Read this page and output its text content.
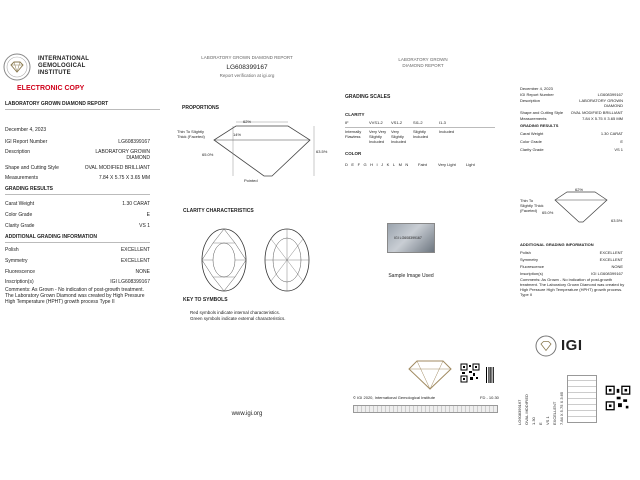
INTERNATIONAL
GEMOLOGICAL
INSTITUTE
ELECTRONIC COPY
LABORATORY GROWN DIAMOND REPORT
December 4, 2023
IGI Report Number	LG608399167
Description	LABORATORY GROWN DIAMOND
Shape and Cutting Style	OVAL MODIFIED BRILLIANT
Measurements	7.84 X 5.75 X 3.65 MM
GRADING RESULTS
Carat Weight	1.30 CARAT
Color Grade	E
Clarity Grade	VS 1
ADDITIONAL GRADING INFORMATION
Polish	EXCELLENT
Symmetry	EXCELLENT
Fluorescence	NONE
Inscription(s)	IGI LG608399167
Comments: As Grown - No indication of post-growth treatment. The Laboratory Grown Diamond was created by High Pressure High Temperature (HPHT) growth process Type II
LABORATORY GROWN DIAMOND REPORT
LG608399167
Report verification at igi.org
PROPORTIONS
62%
14%
65.0%
63.5%
Thin To Slightly Thick (Faceted)
Pointed
CLARITY CHARACTERISTICS
KEY TO SYMBOLS
Red symbols indicate internal characteristics.
Green symbols indicate external characteristics.
www.igi.org
LABORATORY GROWN
DIAMOND REPORT
GRADING SCALES
CLARITY
IF	VVS1-2 VS1-2	SI1-2	I1-3
Internally Flawless
Very Very Slightly Included
Very Slightly Included
Slightly Included
Included
COLOR
D E F G H I J K L M N Faint	Very Light	Light
IGI LG608399167
Sample Image Used
© IGI 2020, International Gemological Institute	FD - 10.30
December 4, 2023
IGI Report Number	LG608399167
Description	LABORATORY GROWN DIAMOND
Shape and Cutting Style OVAL MODIFIED BRILLIANT
Measurements	7.84 X 5.75 X 3.65 MM
GRADING RESULTS
Carat Weight	1.30 CARAT
Color Grade	E
Clarity Grade	VS 1
62%
Thin To Slightly Thick (Faceted)	65.0%
63.5%
ADDITIONAL GRADING INFORMATION
Polish	EXCELLENT
Symmetry	EXCELLENT
Fluorescence	NONE
Inscription(s)	IGI LG608399167
Comments: As Grown - No indication of post-growth treatment. The Laboratory Grown Diamond was created by High Pressure High Temperature (HPHT) growth process. Type II
IGI
LG608399167 OVAL MODIFIED 1.30 E VS 1 EXCELLENT 7.84 X 5.75 X 3.65
